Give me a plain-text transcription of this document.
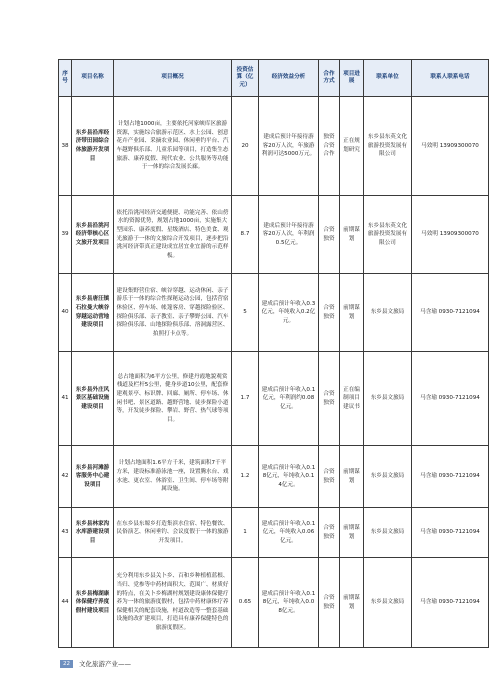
序号	项目名称	项目概况	投资估算（亿元）	经济效益分析	合作方式	项目进展	联系单位	联系人联系电话
38	东乡县沿库经济带田园综合体旅游开发项目	计划占地1000亩，主要依托河家峡库区旅游资源，实施综合旅游示范区、水上公园、创意花卉产业园、采摘农业园、休闲垂钓平台、汽车越野俱乐部、儿童乐园等项目，打造集生态旅游、康养度假、现代农业、公共服务等功能于一体的综合发展长廊。	20	建成后预计年接待游客20万人次，年旅游利润可达5000万元。	独资合资合作	正在规划研究	东乡县东英文化旅游投资发展有限公司	马效明 13909300070
39	东乡县沿洮河经济带核心区文旅开发项目	依托沿洮河经济交通便捷、功能完善、依山傍水的资源优势，规划占地1000亩，实施集大型园乐、康养度假、星级酒店、特色美食、观光旅游于一体的文旅综合开发项目，逐步把沿洮河经济带真正建设成宜居宜业宜游的示范样板。	8.7	建成后预计年接待游客20万人次，年利润0.5亿元。	合资独资	前期谋划	东乡县东英文化旅游投资发展有限公司	马效明 13909300070
40	东乡县唐汪镇石拉曼大峡谷穿越运动营地建设项目	建设集野营住宿、峡谷穿越、运动休闲、亲子游乐于一体的综合性探秘运动公园，包括营宿休验区、停车场、帐篷客房、穿越探险验区、探险俱乐部、亲子教室、亲子攀野公园、汽车探险俱乐部、山地探险俱乐部、溶洞露营区、拍照打卡点等。	5	建成后预计年收入0.3亿元，年纯收入0.2亿元。	合资独资	前期谋划	东乡县文旅局	马含瑜 0930-7121094
41	东乡县外庄风景区基础设施建设项目	总占地面积为6平方公里，修建丹霞地貌观赏栈道及栏杆5公里，健身步道10公里，配套修建观景亭、标识牌、回廊、厕所、停车场、休闲书吧、景区道路、越野营地、徒步探险小道等，开发徒步探险、攀岩、野营、热气球等项目。	1.7	建成后预计年收入0.1亿元，年利润约0.08亿元。	合资独资	正在编制项目建议书	东乡县文旅局	马含瑜 0930-7121094
42	东乡县河滩游客服务中心建设项目	计划占地面积1.6平方千米，建筑面积7千平方米，建设标准游泳池一座，设置腾水台、戏水池、更衣室、休浴室、卫生间、停车场等附属设施。	1.2	建成后预计年收入0.18亿元，年纯收入0.14亿元。	合资独资	前期谋划	东乡县文旅局	马含瑜 0930-7121094
43	东乡县林家沟水库游建设项目	在东乡县东塬乡打造集滨水住宿、特色餐饮、民俗演艺、休闲垂钓、会议度假于一体的旅游开发项目。	1	建成后预计年收入0.1亿元，年纯收入0.06亿元。	合资独资	前期谋划	东乡县文旅局	马含瑜 0930-7121094
44	东乡县梅湖康体保健疗养度假村建设项目	充分利用东乡县关卜乡、百和乡种植植蓝根、当归、党参等中药材面积大、范围广、材质好的特点，在关卜乡梅湖村规划建设康体保健疗养为一体的旅游度假村，包括中药材康体疗养保健相关的配套设施，村道改造等一整套基础设施的改扩建项目，打造具有康养保健特色的旅游度假区。	0.65	建成后预计年收入0.18亿元，年纯收入0.08亿元。	合资独资	前期谋划	东乡县文旅局	马含瑜 0930-7121094
22	文化旅游产业——
